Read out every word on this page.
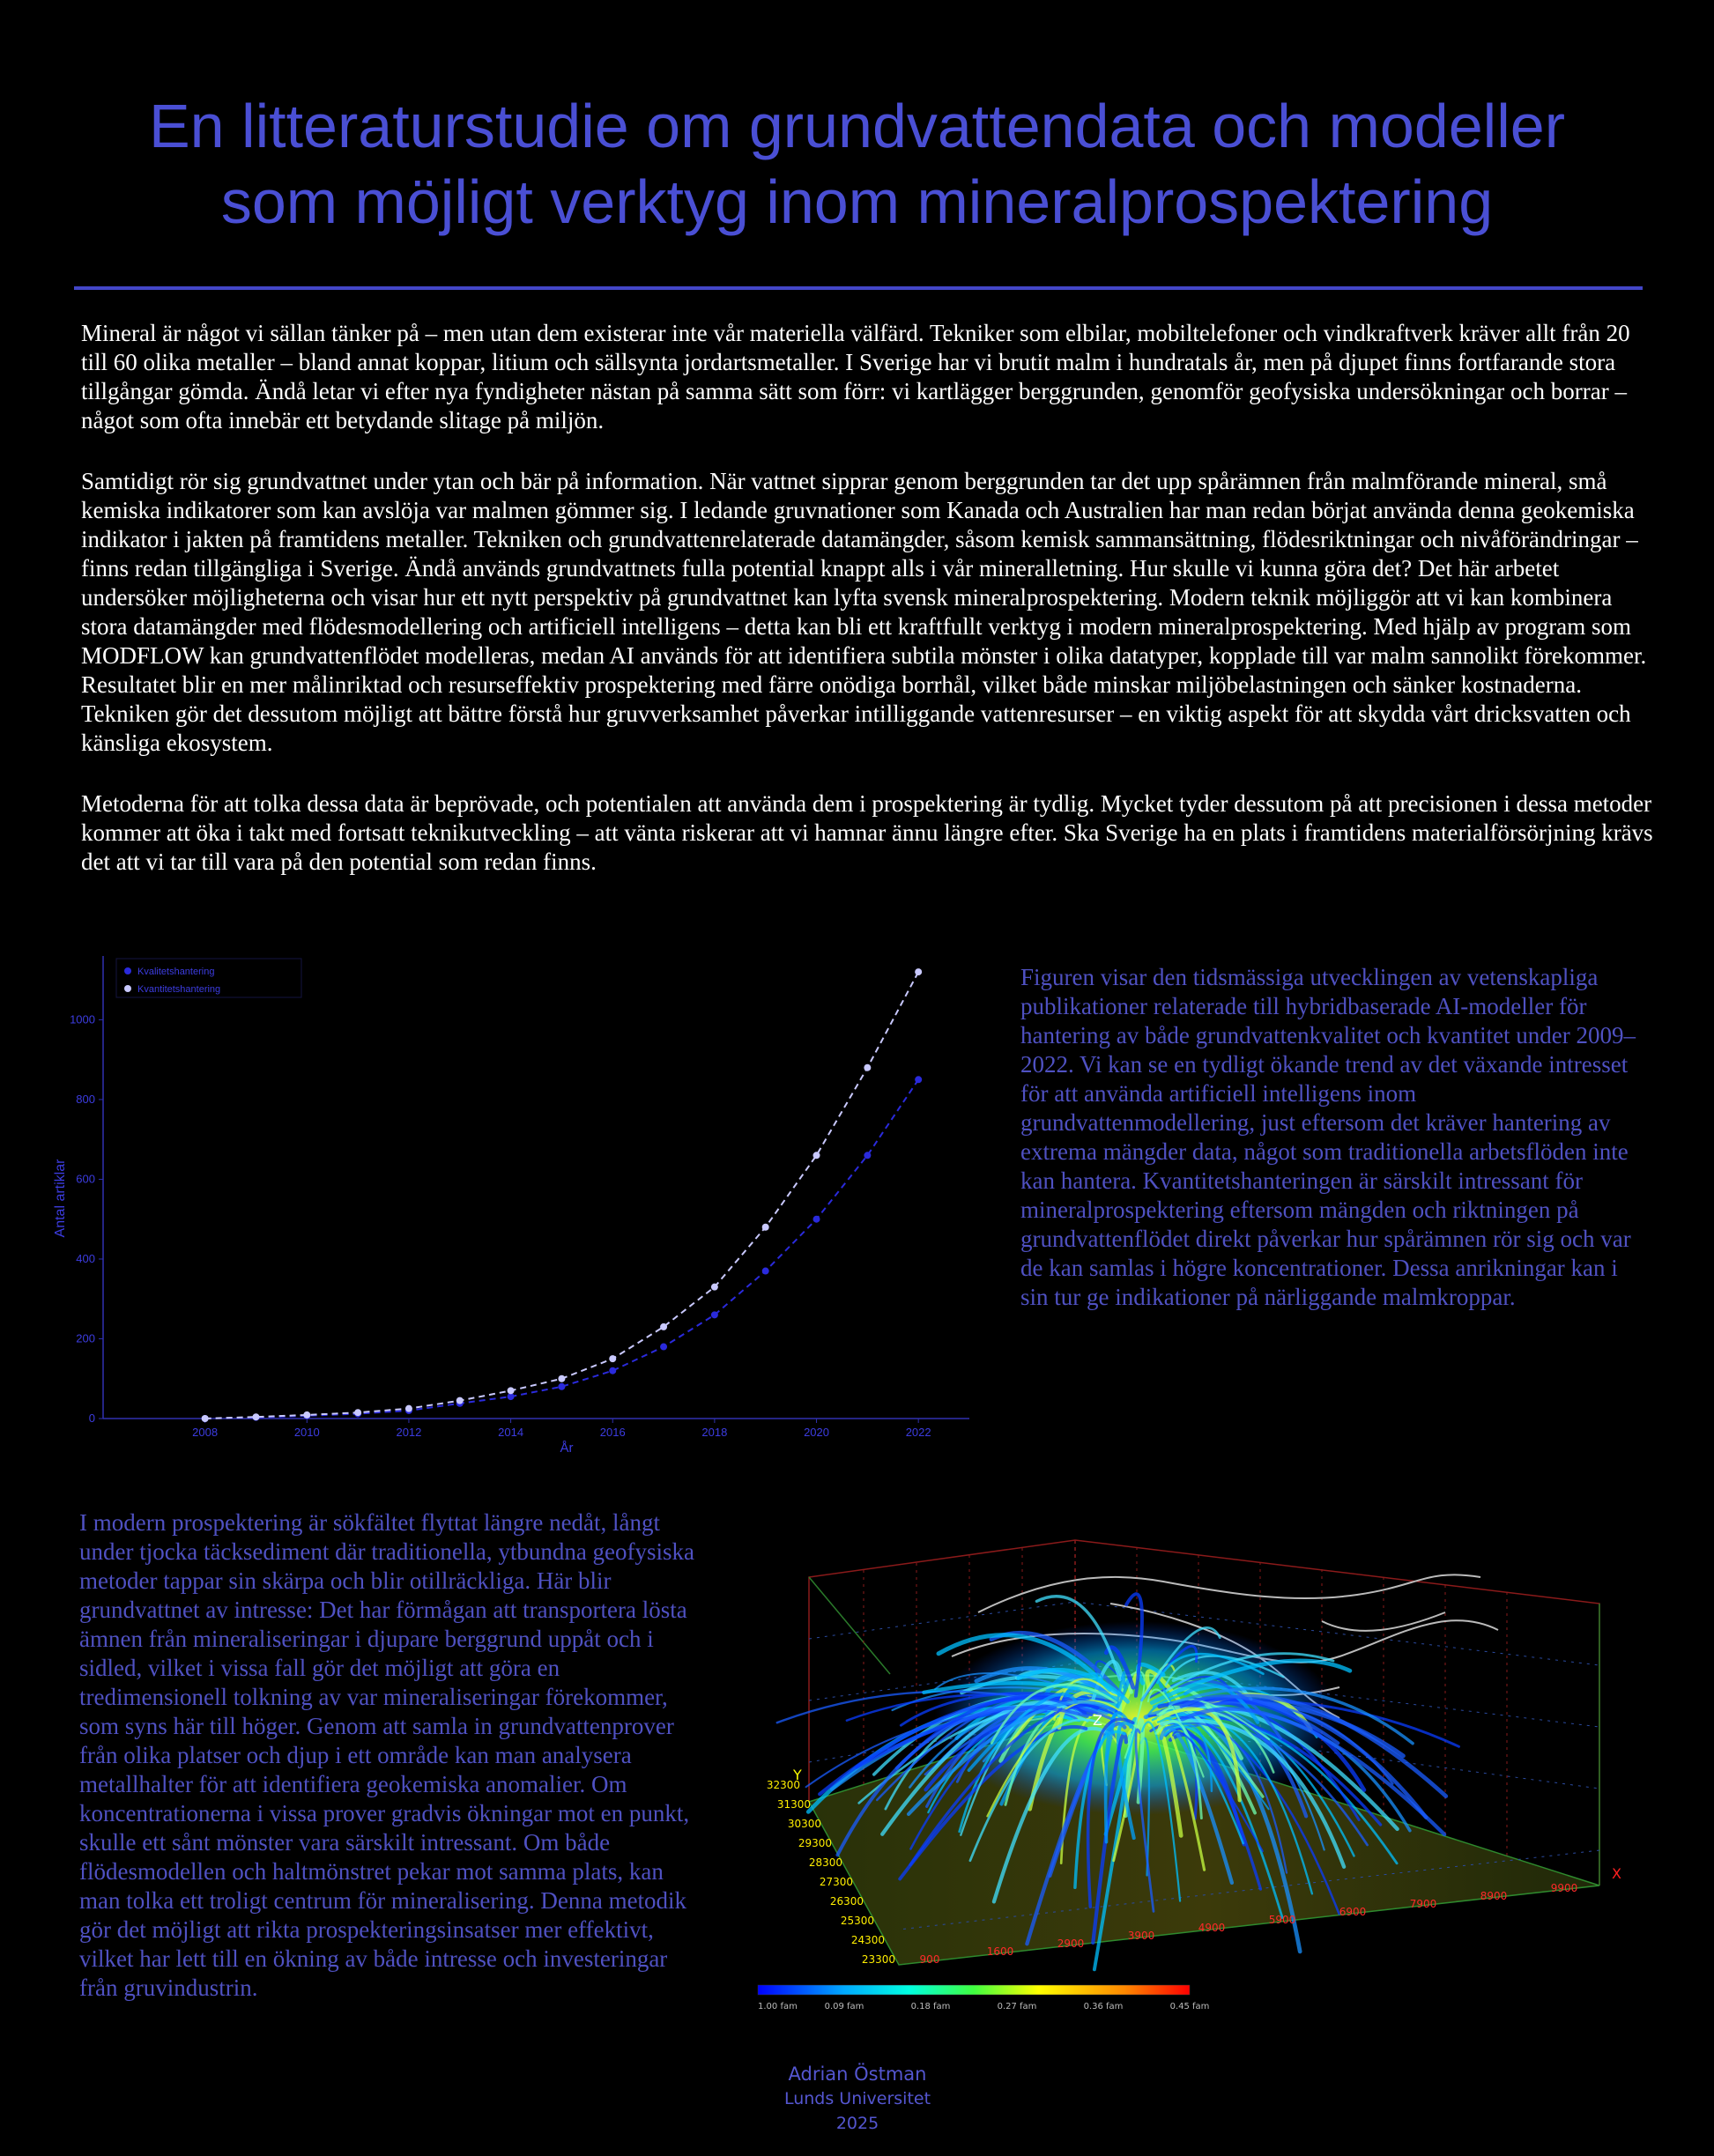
En litteraturstudie om grundvattendata och modeller
som möjligt verktyg inom mineralprospektering

Mineral är något vi sällan tänker på – men utan dem existerar inte vår materiella välfärd. Tekniker som elbilar, mobiltelefoner och vindkraftverk kräver allt från 20 till 60 olika metaller – bland annat koppar, litium och sällsynta jordartsmetaller. I Sverige har vi brutit malm i hundratals år, men på djupet finns fortfarande stora tillgångar gömda. Ändå letar vi efter nya fyndigheter nästan på samma sätt som förr: vi kartlägger berggrunden, genomför geofysiska undersökningar och borrar – något som ofta innebär ett betydande slitage på miljön.

Samtidigt rör sig grundvattnet under ytan och bär på information. När vattnet sipprar genom berggrunden tar det upp spårämnen från malmförande mineral, små kemiska indikatorer som kan avslöja var malmen gömmer sig. I ledande gruvnationer som Kanada och Australien har man redan börjat använda denna geokemiska indikator i jakten på framtidens metaller. Tekniken och grundvattenrelaterade datamängder, såsom kemisk sammansättning, flödesriktningar och nivåförändringar – finns redan tillgängliga i Sverige. Ändå används grundvattnets fulla potential knappt alls i vår mineralletning. Hur skulle vi kunna göra det? Det här arbetet undersöker möjligheterna och visar hur ett nytt perspektiv på grundvattnet kan lyfta svensk mineralprospektering. Modern teknik möjliggör att vi kan kombinera stora datamängder med flödesmodellering och artificiell intelligens – detta kan bli ett kraftfullt verktyg i modern mineralprospektering. Med hjälp av program som MODFLOW kan grundvattenflödet modelleras, medan AI används för att identifiera subtila mönster i olika datatyper, kopplade till var malm sannolikt förekommer. Resultatet blir en mer målinriktad och resurseffektiv prospektering med färre onödiga borrhål, vilket både minskar miljöbelastningen och sänker kostnaderna. Tekniken gör det dessutom möjligt att bättre förstå hur gruvverksamhet påverkar intilliggande vattenresurser – en viktig aspekt för att skydda vårt dricksvatten och känsliga ekosystem.

Metoderna för att tolka dessa data är beprövade, och potentialen att använda dem i prospektering är tydlig. Mycket tyder dessutom på att precisionen i dessa metoder kommer att öka i takt med fortsatt teknikutveckling – att vänta riskerar att vi hamnar ännu längre efter. Ska Sverige ha en plats i framtidens materialförsörjning krävs det att vi tar till vara på den potential som redan finns.

2008	2010	2012	2014	2016	2018	2020	2022
0
200
400
600
800
1000
Kvalitetshantering
Kvantitetshantering
År
Antal artiklar
Figuren visar den tidsmässiga utvecklingen av vetenskapliga publikationer relaterade till hybridbaserade AI-modeller för hantering av både grundvattenkvalitet och kvantitet under 2009–2022. Vi kan se en tydligt ökande trend av det växande intresset för att använda artificiell intelligens inom grundvattenmodellering, just eftersom det kräver hantering av extrema mängder data, något som traditionella arbetsflöden inte kan hantera. Kvantitetshanteringen är särskilt intressant för mineralprospektering eftersom mängden och riktningen på grundvattenflödet direkt påverkar hur spårämnen rör sig och var de kan samlas i högre koncentrationer. Dessa anrikningar kan i sin tur ge indikationer på närliggande malmkroppar.
I modern prospektering är sökfältet flyttat längre nedåt, långt under tjocka täcksediment där traditionella, ytbundna geofysiska metoder tappar sin skärpa och blir otillräckliga. Här blir grundvattnet av intresse: Det har förmågan att transportera lösta ämnen från mineraliseringar i djupare berggrund uppåt och i sidled, vilket i vissa fall gör det möjligt att göra en tredimensionell tolkning av var mineraliseringar förekommer, som syns här till höger. Genom att samla in grundvattenprover från olika platser och djup i ett område kan man analysera metallhalter för att identifiera geokemiska anomalier. Om koncentrationerna i vissa prover gradvis ökningar mot en punkt, skulle ett sånt mönster vara särskilt intressant. Om både flödesmodellen och haltmönstret pekar mot samma plats, kan man tolka ett troligt centrum för mineralisering. Denna metodik gör det möjligt att rikta prospekteringsinsatser mer effektivt, vilket har lett till en ökning av både intresse och investeringar från gruvindustrin.
Z
Y
X
32300
31300
30300
29300
28300
27300
26300
25300
24300
23300 900
1600
2900
3900
4900
5900
6900
7900
8900
9900
1.00 fam	0.09 fam	0.18 fam	0.27 fam	0.36 fam	0.45 fam
Adrian Östman
Lunds Universitet 2025
